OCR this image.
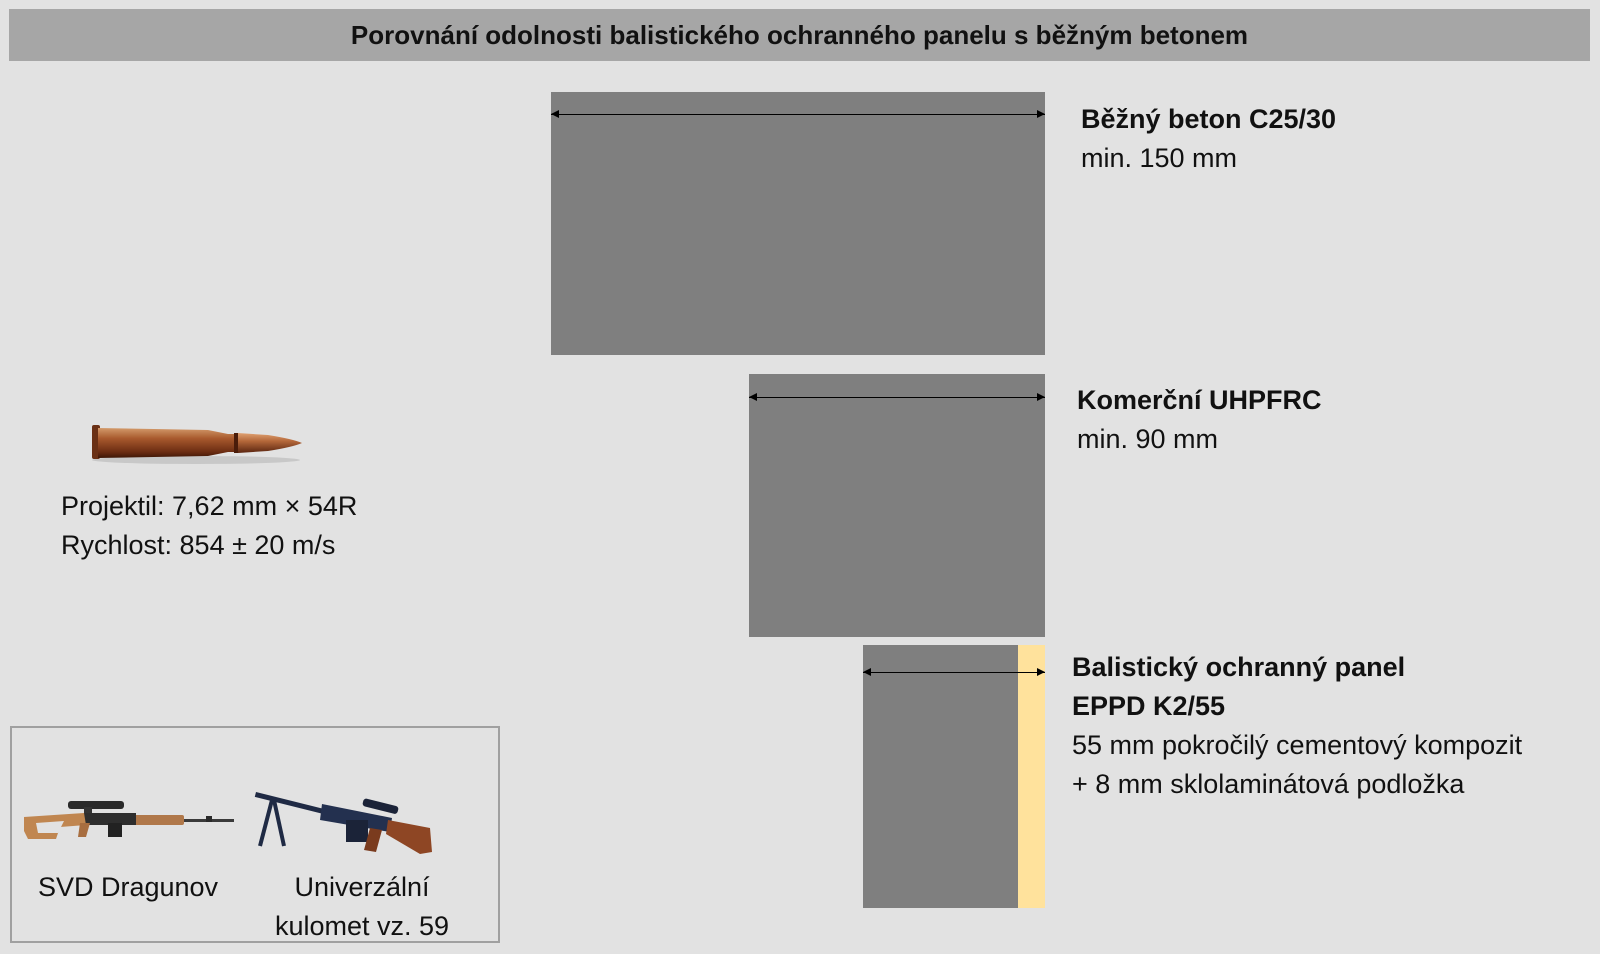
Porovnání odolnosti balistického ochranného panelu s běžným betonem
Běžný beton C25/30
min. 150 mm
Komerční UHPFRC
min. 90 mm
Balistický ochranný panel
EPPD K2/55
55 mm pokročilý cementový kompozit
+ 8 mm sklolaminátová podložka
Projektil: 7,62 mm × 54R
Rychlost: 854 ± 20 m/s
SVD Dragunov	Univerzální
kulomet vz. 59
